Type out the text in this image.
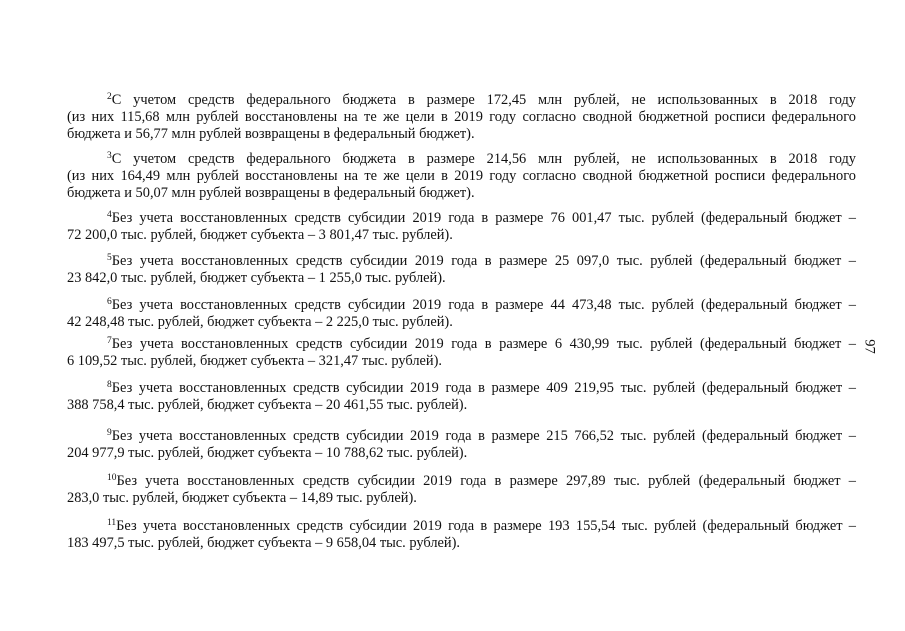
$^2$С учетом средств федерального бюджета в размере 172,45 млн рублей, не использованных в 2018 году
(из них 115,68 млн рублей восстановлены на те же цели в 2019 году согласно сводной бюджетной росписи федерального бюджета и 56,77 млн рублей возвращены в федеральный бюджет).
$^3$С учетом средств федерального бюджета в размере 214,56 млн рублей, не использованных в 2018 году
(из них 164,49 млн рублей восстановлены на те же цели в 2019 году согласно сводной бюджетной росписи федерального бюджета и 50,07 млн рублей возвращены в федеральный бюджет).
$^4$Без учета восстановленных средств субсидии 2019 года в размере 76 001,47 тыс. рублей (федеральный бюджет –
72 200,0 тыс. рублей, бюджет субъекта – 3 801,47 тыс. рублей).
$^5$Без учета восстановленных средств субсидии 2019 года в размере 25 097,0 тыс. рублей (федеральный бюджет –
23 842,0 тыс. рублей, бюджет субъекта – 1 255,0 тыс. рублей).
$^6$Без учета восстановленных средств субсидии 2019 года в размере 44 473,48 тыс. рублей (федеральный бюджет –
42 248,48 тыс. рублей, бюджет субъекта – 2 225,0 тыс. рублей).
$^7$Без учета восстановленных средств субсидии 2019 года в размере 6 430,99 тыс. рублей (федеральный бюджет –
6 109,52 тыс. рублей, бюджет субъекта – 321,47 тыс. рублей).
$^8$Без учета восстановленных средств субсидии 2019 года в размере 409 219,95 тыс. рублей (федеральный бюджет –
388 758,4 тыс. рублей, бюджет субъекта – 20 461,55 тыс. рублей).
$^9$Без учета восстановленных средств субсидии 2019 года в размере 215 766,52 тыс. рублей (федеральный бюджет –
204 977,9 тыс. рублей, бюджет субъекта – 10 788,62 тыс. рублей).
$^{10}$Без учета восстановленных средств субсидии 2019 года в размере 297,89 тыс. рублей (федеральный бюджет –
283,0 тыс. рублей, бюджет субъекта – 14,89 тыс. рублей).
$^{11}$Без учета восстановленных средств субсидии 2019 года в размере 193 155,54 тыс. рублей (федеральный бюджет –
183 497,5 тыс. рублей, бюджет субъекта – 9 658,04 тыс. рублей).
97
